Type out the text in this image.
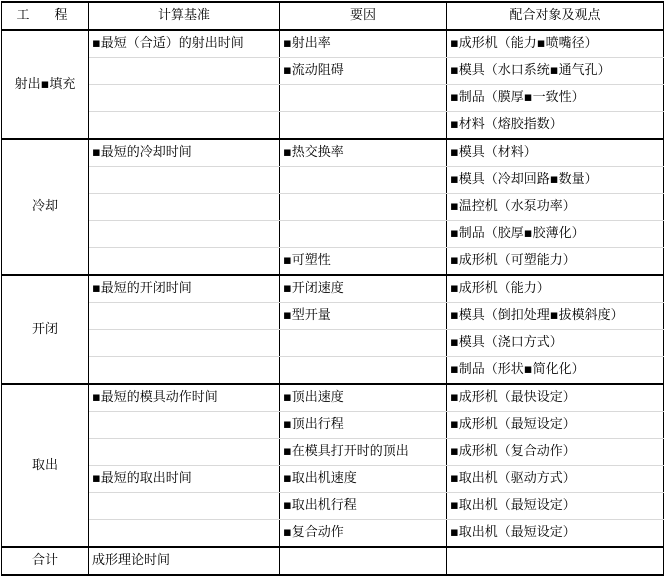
工　程	计算基准	要因	配合对象及观点
射出▪填充	▪最短（合适）的射出时间	▪射出率	▪成形机（能力▪喷嘴径）
		▪流动阻碍	▪模具（水口系统▪通气孔）
			▪制品（膜厚▪一致性）
			▪材料（熔胶指数）
冷却	▪最短的冷却时间	▪热交换率	▪模具（材料）
			▪模具（冷却回路▪数量）
			▪温控机（水泵功率）
			▪制品（胶厚▪胶薄化）
		▪可塑性	▪成形机（可塑能力）
开闭	▪最短的开闭时间	▪开闭速度	▪成形机（能力）
		▪型开量	▪模具（倒扣处理▪拔模斜度）
			▪模具（浇口方式）
			▪制品（形状▪简化化）
取出	▪最短的模具动作时间	▪顶出速度	▪成形机（最快设定）
		▪顶出行程	▪成形机（最短设定）
		▪在模具打开时的顶出	▪成形机（复合动作）
	▪最短的取出时间	▪取出机速度	▪取出机（驱动方式）
		▪取出机行程	▪取出机（最短设定）
		▪复合动作	▪取出机（最短设定）
合计	成形理论时间		
